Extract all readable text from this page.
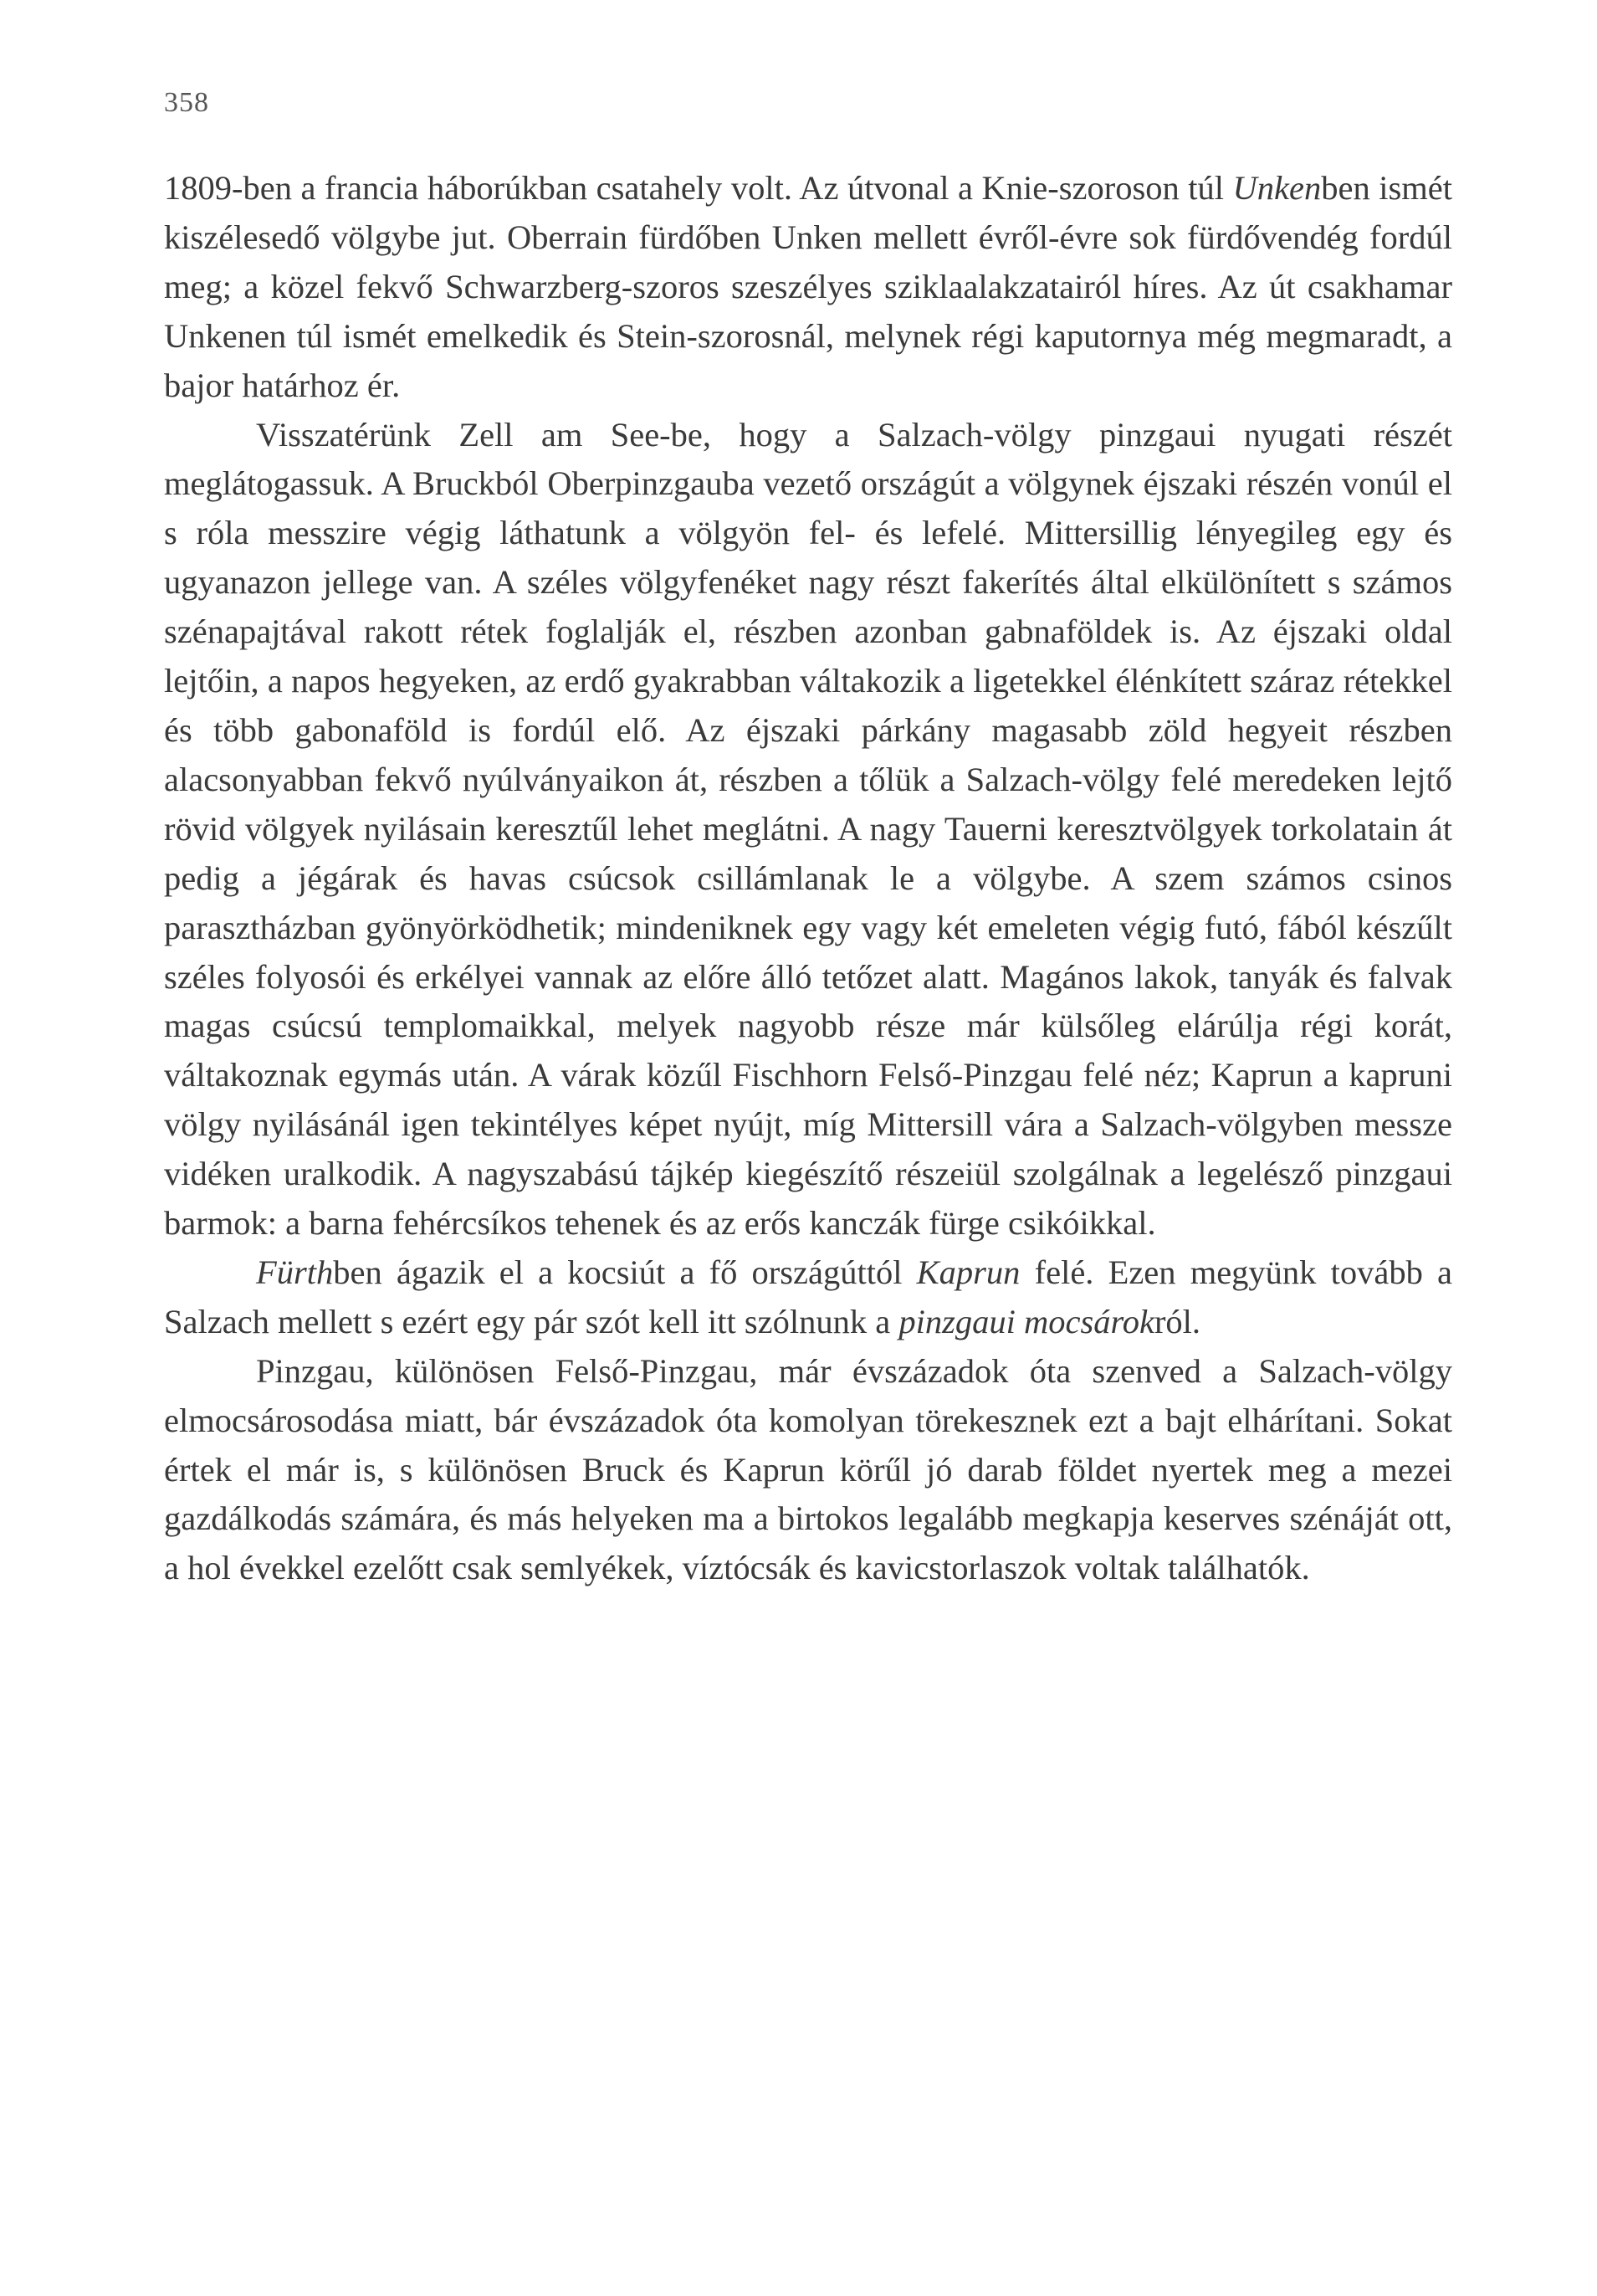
358

1809-ben a francia háborúkban csatahely volt. Az útvonal a Knie-szoroson túl Unkenben ismét kiszélesedő völgybe jut. Oberrain fürdőben Unken mellett évről-évre sok fürdővendég fordúl meg; a közel fekvő Schwarzberg-szoros szeszélyes sziklaalakzatairól híres. Az út csakhamar Unkenen túl ismét emelkedik és Stein-szorosnál, melynek régi kaputornya még megmaradt, a bajor határhoz ér.

Visszatérünk Zell am See-be, hogy a Salzach-völgy pinzgaui nyugati részét meglátogassuk. A Bruckból Oberpinzgauba vezető országút a völgynek éjszaki részén vonúl el s róla messzire végig láthatunk a völgyön fel- és lefelé. Mittersillig lényegileg egy és ugyanazon jellege van. A széles völgyfenéket nagy részt fakerítés által elkülönített s számos szénapajtával rakott rétek foglalják el, részben azonban gabnaföldek is. Az éjszaki oldal lejtőin, a napos hegyeken, az erdő gyakrabban váltakozik a ligetekkel élénkített száraz rétekkel és több gabonaföld is fordúl elő. Az éjszaki párkány magasabb zöld hegyeit részben alacsonyabban fekvő nyúlványaikon át, részben a tőlük a Salzach-völgy felé meredeken lejtő rövid völgyek nyilásain keresztűl lehet meglátni. A nagy Tauerni keresztvölgyek torkolatain át pedig a jégárak és havas csúcsok csillámlanak le a völgybe. A szem számos csinos parasztházban gyönyörködhetik; mindeniknek egy vagy két emeleten végig futó, fából készűlt széles folyosói és erkélyei vannak az előre álló tetőzet alatt. Magános lakok, tanyák és falvak magas csúcsú templomaikkal, melyek nagyobb része már külsőleg elárúlja régi korát, váltakoznak egymás után. A várak közűl Fischhorn Felső-Pinzgau felé néz; Kaprun a kapruni völgy nyilásánál igen tekintélyes képet nyújt, míg Mittersill vára a Salzach-völgyben messze vidéken uralkodik. A nagyszabású tájkép kiegészítő részeiül szolgálnak a legelésző pinzgaui barmok: a barna fehércsíkos tehenek és az erős kanczák fürge csikóikkal.

Fürthben ágazik el a kocsiút a fő országúttól Kaprun felé. Ezen megyünk tovább a Salzach mellett s ezért egy pár szót kell itt szólnunk a pinzgaui mocsárokról.

Pinzgau, különösen Felső-Pinzgau, már évszázadok óta szenved a Salzach-völgy elmocsárosodása miatt, bár évszázadok óta komolyan törekesznek ezt a bajt elhárítani. Sokat értek el már is, s különösen Bruck és Kaprun körűl jó darab földet nyertek meg a mezei gazdálkodás számára, és más helyeken ma a birtokos legalább megkapja keserves szénáját ott, a hol évekkel ezelőtt csak semlyékek, víztócsák és kavicstorlaszok voltak találhatók.
